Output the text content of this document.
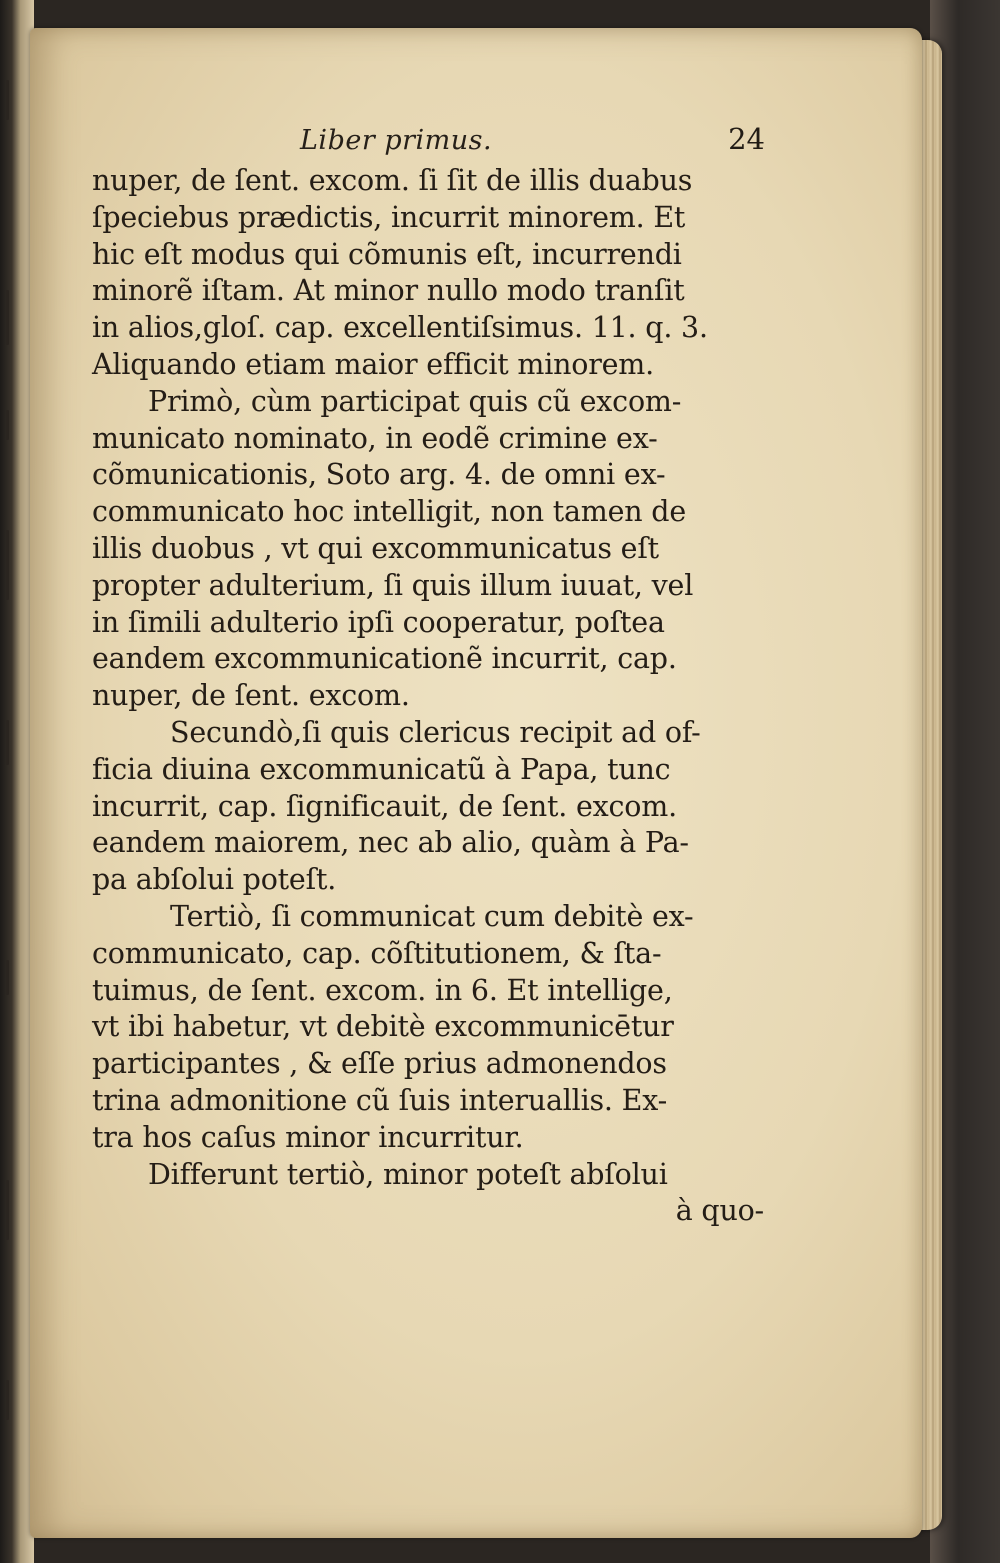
Liber primus.	24
nuper, de ſent. excom. ſi ſit de illis duabus
ſpeciebus prædictis, incurrit minorem. Et
hic eſt modus qui cõmunis eſt, incurrendi
minorẽ iſtam. At minor nullo modo tranſit
in alios,gloſ. cap. excellentiſsimus. 11. q. 3.
Aliquando etiam maior efficit minorem.
Primò, cùm participat quis cũ excom-
municato nominato, in eodẽ crimine ex-
cõmunicationis, Soto arg. 4. de omni ex-
communicato hoc intelligit, non tamen de
illis duobus , vt qui excommunicatus eſt
propter adulterium, ſi quis illum iuuat, vel
in ſimili adulterio ipſi cooperatur, poſtea
eandem excommunicationẽ incurrit, cap.
nuper, de ſent. excom.
Secundò,ſi quis clericus recipit ad of-
ficia diuina excommunicatũ à Papa, tunc
incurrit, cap. ſignificauit, de ſent. excom.
eandem maiorem, nec ab alio, quàm à Pa-
pa abſolui poteſt.
Tertiò, ſi communicat cum debitè ex-
communicato, cap. cõſtitutionem, & ſta-
tuimus, de ſent. excom. in 6. Et intellige,
vt ibi habetur, vt debitè excommunicētur
participantes , & eſſe prius admonendos
trina admonitione cũ ſuis interuallis. Ex-
tra hos caſus minor incurritur.
Differunt tertiò, minor poteſt abſolui
à quo-
